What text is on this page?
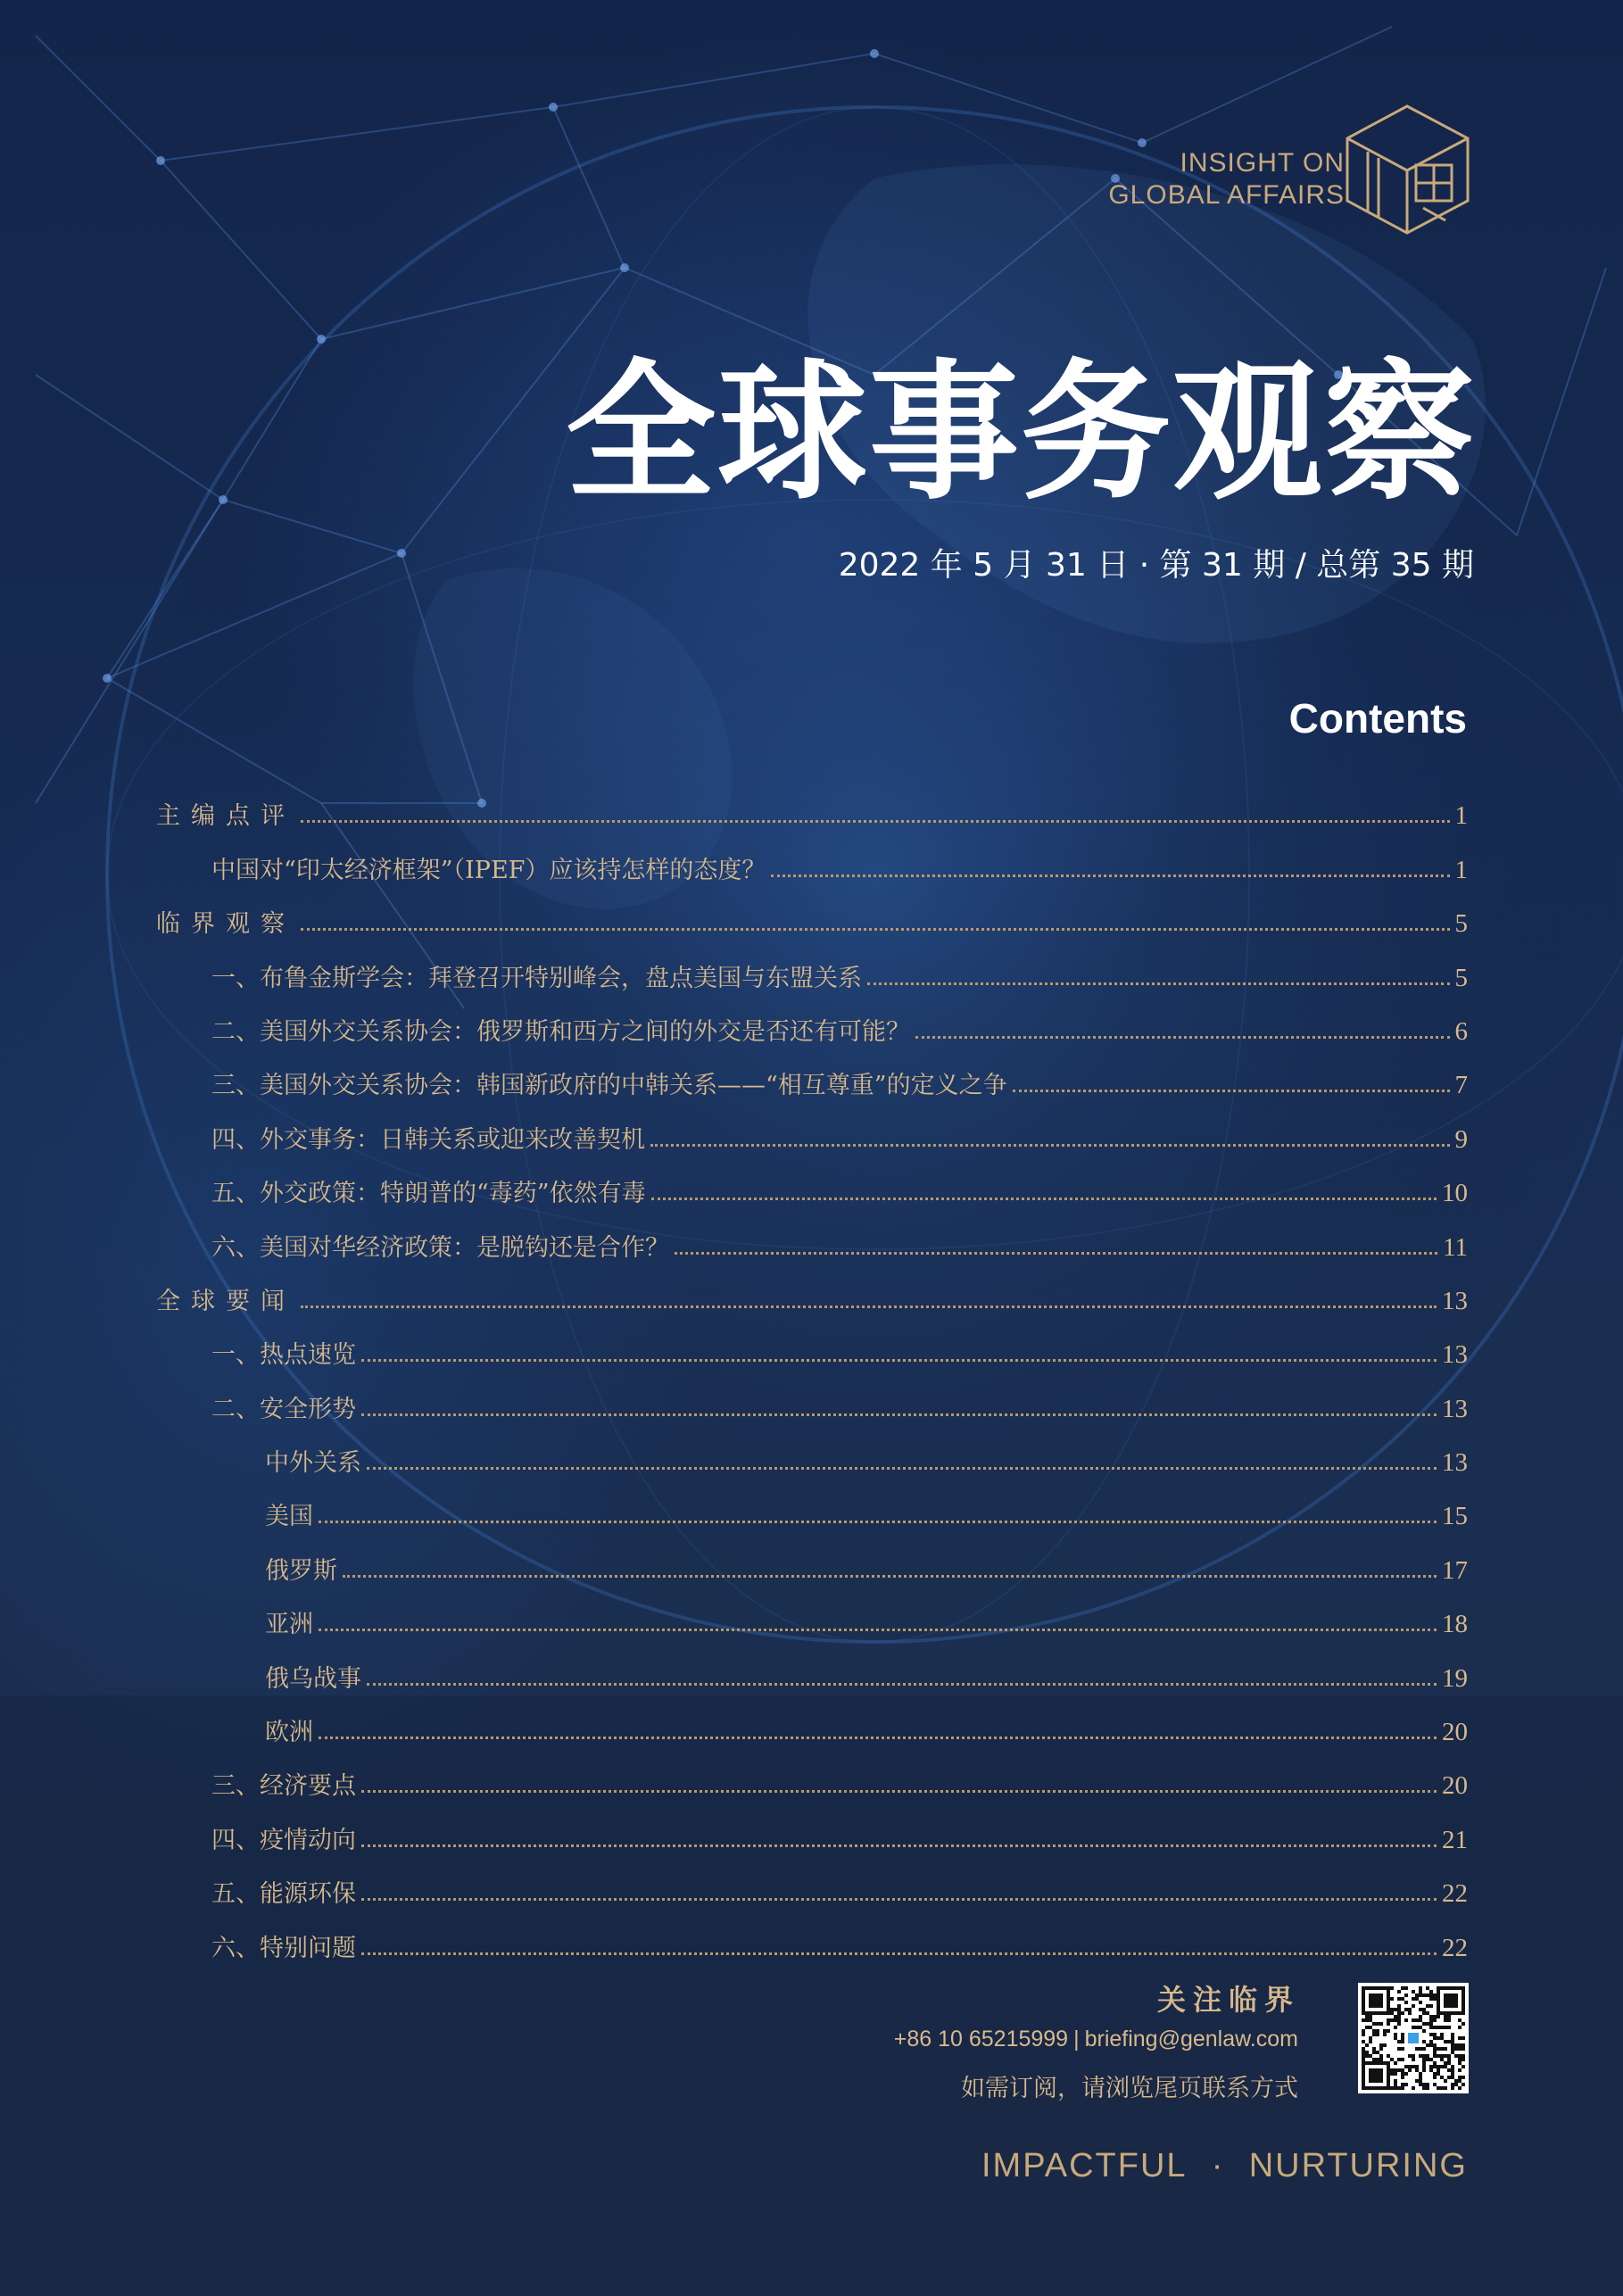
INSIGHT ON
GLOBAL AFFAIRS
全球事务观察
2022 年 5 月 31 日 · 第 31 期 / 总第 35 期
Contents
主编点评	1
中国对“印太经济框架”（IPEF）应该持怎样的态度？	1
临界观察	5
一、布鲁金斯学会：拜登召开特别峰会，盘点美国与东盟关系	5
二、美国外交关系协会：俄罗斯和西方之间的外交是否还有可能？	6
三、美国外交关系协会：韩国新政府的中韩关系——“相互尊重”的定义之争	7
四、外交事务：日韩关系或迎来改善契机	9
五、外交政策：特朗普的“毒药”依然有毒	10
六、美国对华经济政策：是脱钩还是合作？	11
全球要闻	13
一、热点速览	13
二、安全形势	13
中外关系	13
美国	15
俄罗斯	17
亚洲	18
俄乌战事	19
欧洲	20
三、经济要点	20
四、疫情动向	21
五、能源环保	22
六、特别问题	22
关注临界
+86 10 65215999 | briefing@genlaw.com
如需订阅，请浏览尾页联系方式
IMPACTFUL · NURTURING
